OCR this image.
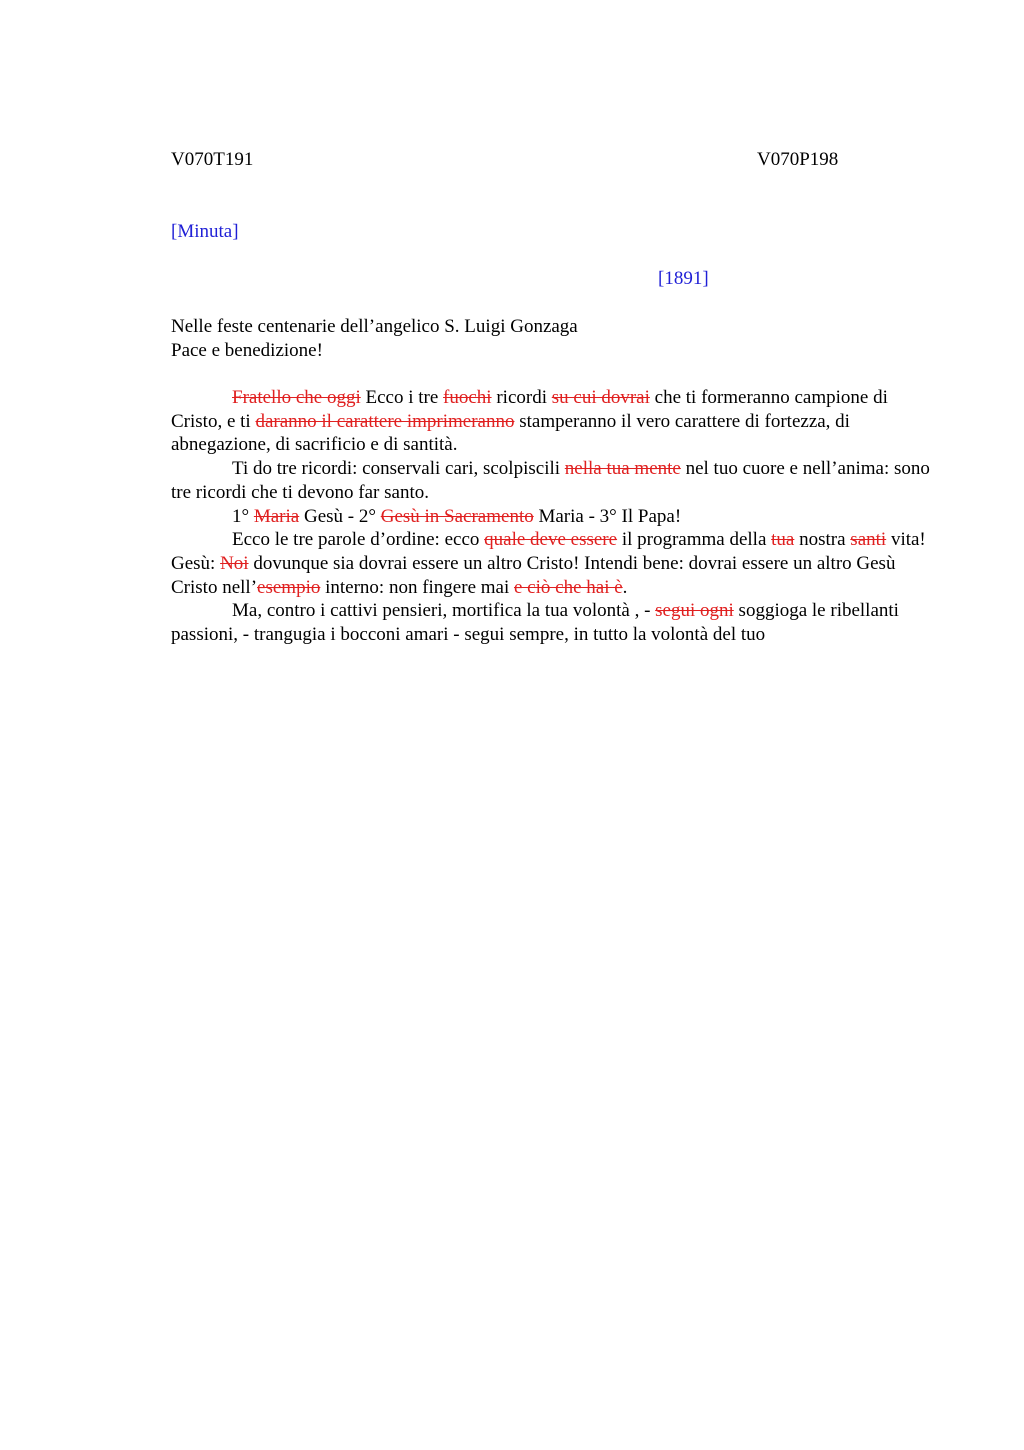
V070T191	V070P198
[Minuta]
[1891]
Nelle feste centenarie dell’angelico S. Luigi Gonzaga
Pace e benedizione!

Fratello che oggi Ecco i tre fuochi ricordi su cui dovrai che ti formeranno campione di Cristo, e ti daranno il carattere imprimeranno stamperanno il vero carattere di fortezza, di abnegazione, di sacrificio e di santità.

Ti do tre ricordi: conservali cari, scolpiscili nella tua mente nel tuo cuore e nell’anima: sono tre ricordi che ti devono far santo.

1° Maria Gesù - 2° Gesù in Sacramento Maria - 3° Il Papa!

Ecco le tre parole d’ordine: ecco quale deve essere il programma della tua nostra santi vita! Gesù: Noi dovunque sia dovrai essere un altro Cristo! Intendi bene: dovrai essere un altro Gesù Cristo nell’esempio interno: non fingere mai e ciò che hai è.

Ma, contro i cattivi pensieri, mortifica la tua volontà , - segui ogni soggioga le ribellanti passioni, - trangugia i bocconi amari - segui sempre, in tutto la volontà del tuo
